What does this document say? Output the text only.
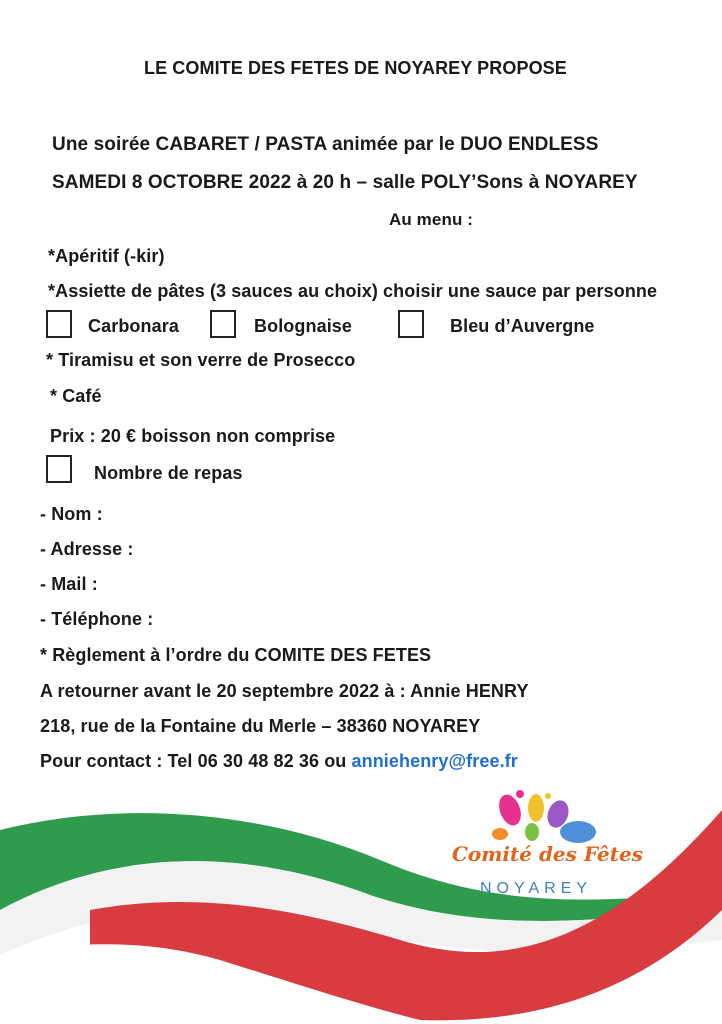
Comité des Fêtes
NOYAREY
LE COMITE DES FETES DE NOYAREY PROPOSE
Une soirée CABARET / PASTA animée par le DUO ENDLESS
SAMEDI 8 OCTOBRE 2022 à 20 h – salle POLY’Sons à NOYAREY
Au menu :
*Apéritif (-kir)
*Assiette de pâtes (3 sauces au choix) choisir une sauce par personne
Carbonara	Bolognaise	Bleu d’Auvergne
* Tiramisu et son verre de Prosecco
* Café
Prix : 20 € boisson non comprise
Nombre de repas
- Nom :
- Adresse :
- Mail :
- Téléphone :
* Règlement à l’ordre du COMITE DES FETES
A retourner avant le 20 septembre 2022 à : Annie HENRY
218, rue de la Fontaine du Merle – 38360 NOYAREY
Pour contact : Tel 06 30 48 82 36 ou anniehenry@free.fr
